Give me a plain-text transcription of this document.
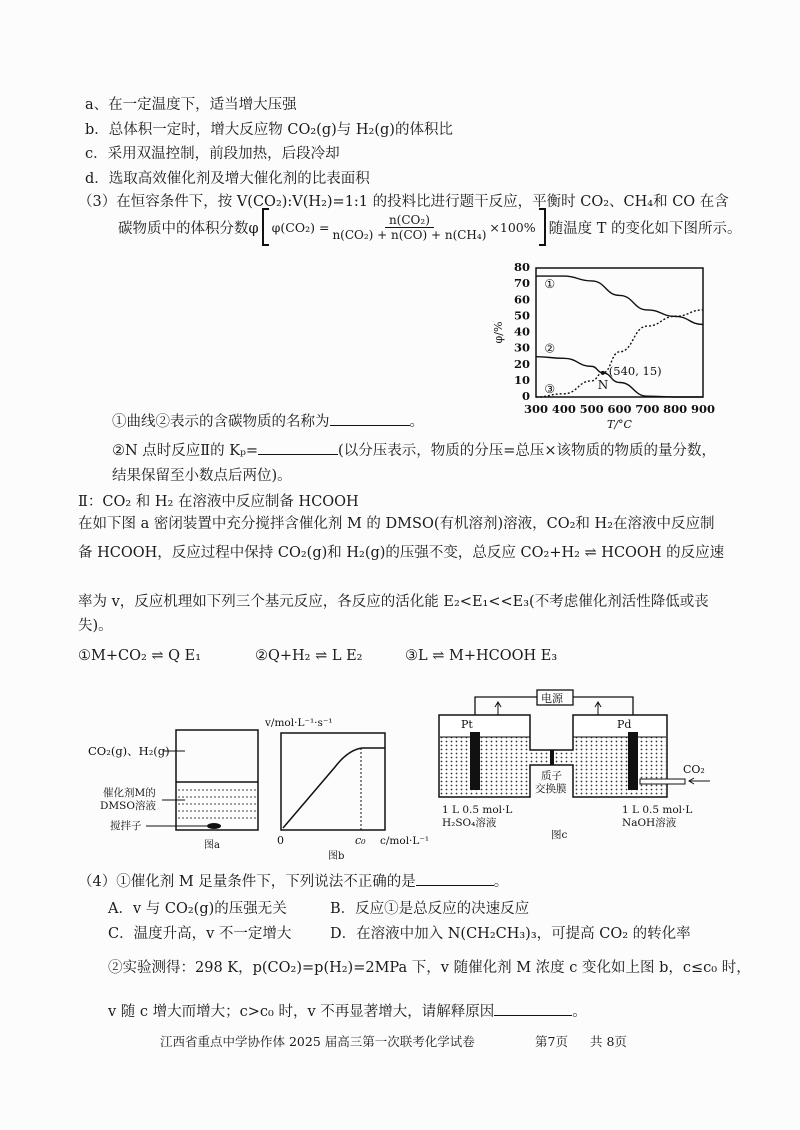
a、在一定温度下，适当增大压强
b．总体积一定时，增大反应物 CO₂(g)与 H₂(g)的体积比
c．采用双温控制，前段加热，后段冷却
d．选取高效催化剂及增大催化剂的比表面积
（3）在恒容条件下，按 V(CO₂):V(H₂)=1:1 的投料比进行题干反应，平衡时 CO₂、CH₄和 CO 在含
碳物质中的体积分数φ $\varphi(CO_2) = \frac{\text{n(CO₂)}}{\text{n(CO₂) + n(CO) + n(CH₄)}} \times 100\%$ 随温度 T 的变化如下图所示。
300 400 500 600 700 800 900
0
10
20
30
40
50
60
70
80
T/°C
φ/%
①
②
③
(540, 15)
N
CO₂(g)、H₂(g)
催化剂M的
DMSO溶液
搅拌子
图a
v/mol·L⁻¹·s⁻¹
0	c₀ c/mol·L⁻¹
图b
电源
Pt	Pd
质子
交换膜
CO₂
1 L 0.5 mol·L
H₂SO₄溶液
1 L 0.5 mol·L
NaOH溶液
图c
①曲线②表示的含碳物质的名称为	。
②N 点时反应Ⅱ的 Kₚ=	(以分压表示，物质的分压=总压×该物质的物质的量分数，
结果保留至小数点后两位)。
Ⅱ：CO₂ 和 H₂ 在溶液中反应制备 HCOOH
在如下图 a 密闭装置中充分搅拌含催化剂 M 的 DMSO(有机溶剂)溶液，CO₂和 H₂在溶液中反应制
备 HCOOH，反应过程中保持 CO₂(g)和 H₂(g)的压强不变，总反应 CO₂+H₂ ⇌ HCOOH 的反应速
率为 v，反应机理如下列三个基元反应，各反应的活化能 E₂<E₁<<E₃(不考虑催化剂活性降低或丧
失)。
①M+CO₂ ⇌ Q E₁	②Q+H₂ ⇌ L E₂	③L ⇌ M+HCOOH E₃
（4）①催化剂 M 足量条件下，下列说法不正确的是	。
A．v 与 CO₂(g)的压强无关	B．反应①是总反应的决速反应
C．温度升高，v 不一定增大	D．在溶液中加入 N(CH₂CH₃)₃，可提高 CO₂ 的转化率
②实验测得：298 K，p(CO₂)=p(H₂)=2MPa 下，v 随催化剂 M 浓度 c 变化如上图 b，c≤c₀ 时，
v 随 c 增大而增大；c>c₀ 时，v 不再显著增大，请解释原因	。
江西省重点中学协作体 2025 届高三第一次联考化学试卷	第7页 共 8页
